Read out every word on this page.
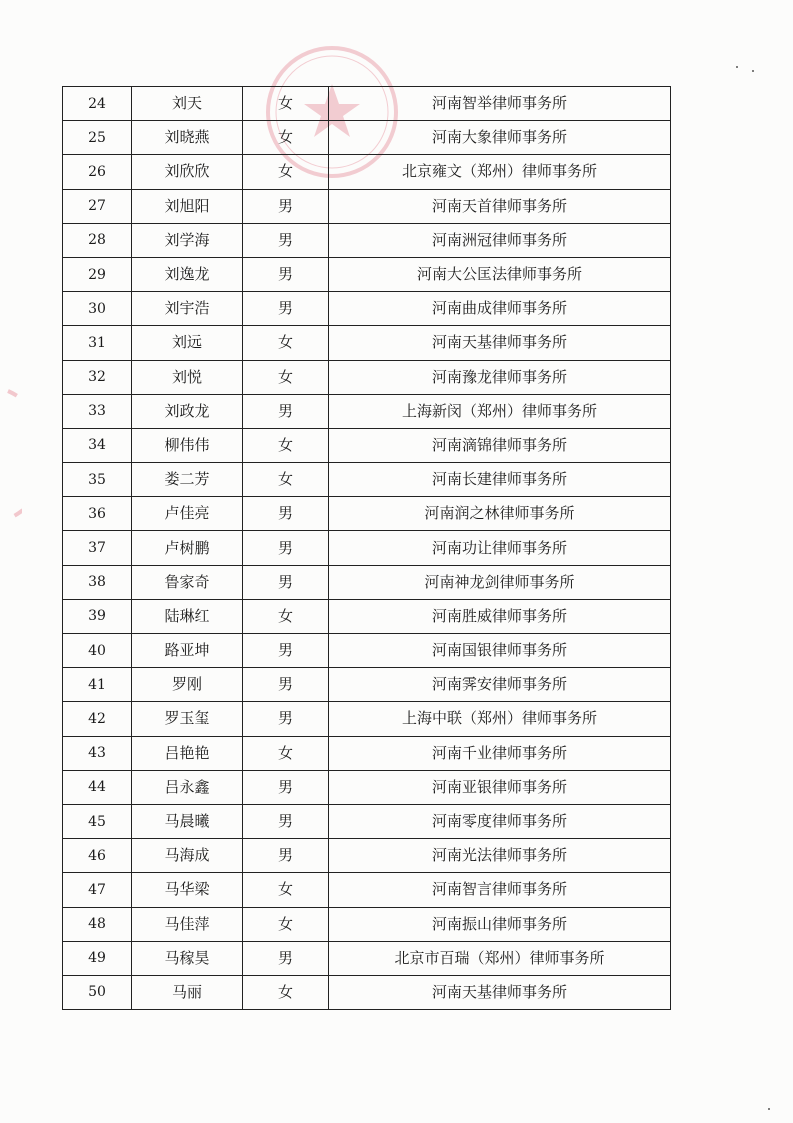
24	刘天	女	河南智举律师事务所
25	刘晓燕	女	河南大象律师事务所
26	刘欣欣	女	北京雍文（郑州）律师事务所
27	刘旭阳	男	河南天首律师事务所
28	刘学海	男	河南洲冠律师事务所
29	刘逸龙	男	河南大公匡法律师事务所
30	刘宇浩	男	河南曲成律师事务所
31	刘远	女	河南天基律师事务所
32	刘悦	女	河南豫龙律师事务所
33	刘政龙	男	上海新闵（郑州）律师事务所
34	柳伟伟	女	河南滴锦律师事务所
35	娄二芳	女	河南长建律师事务所
36	卢佳亮	男	河南润之林律师事务所
37	卢树鹏	男	河南功让律师事务所
38	鲁家奇	男	河南神龙剑律师事务所
39	陆琳红	女	河南胜威律师事务所
40	路亚坤	男	河南国银律师事务所
41	罗刚	男	河南霁安律师事务所
42	罗玉玺	男	上海中联（郑州）律师事务所
43	吕艳艳	女	河南千业律师事务所
44	吕永鑫	男	河南亚银律师事务所
45	马晨曦	男	河南零度律师事务所
46	马海成	男	河南光法律师事务所
47	马华梁	女	河南智言律师事务所
48	马佳萍	女	河南振山律师事务所
49	马稼昊	男	北京市百瑞（郑州）律师事务所
50	马丽	女	河南天基律师事务所
